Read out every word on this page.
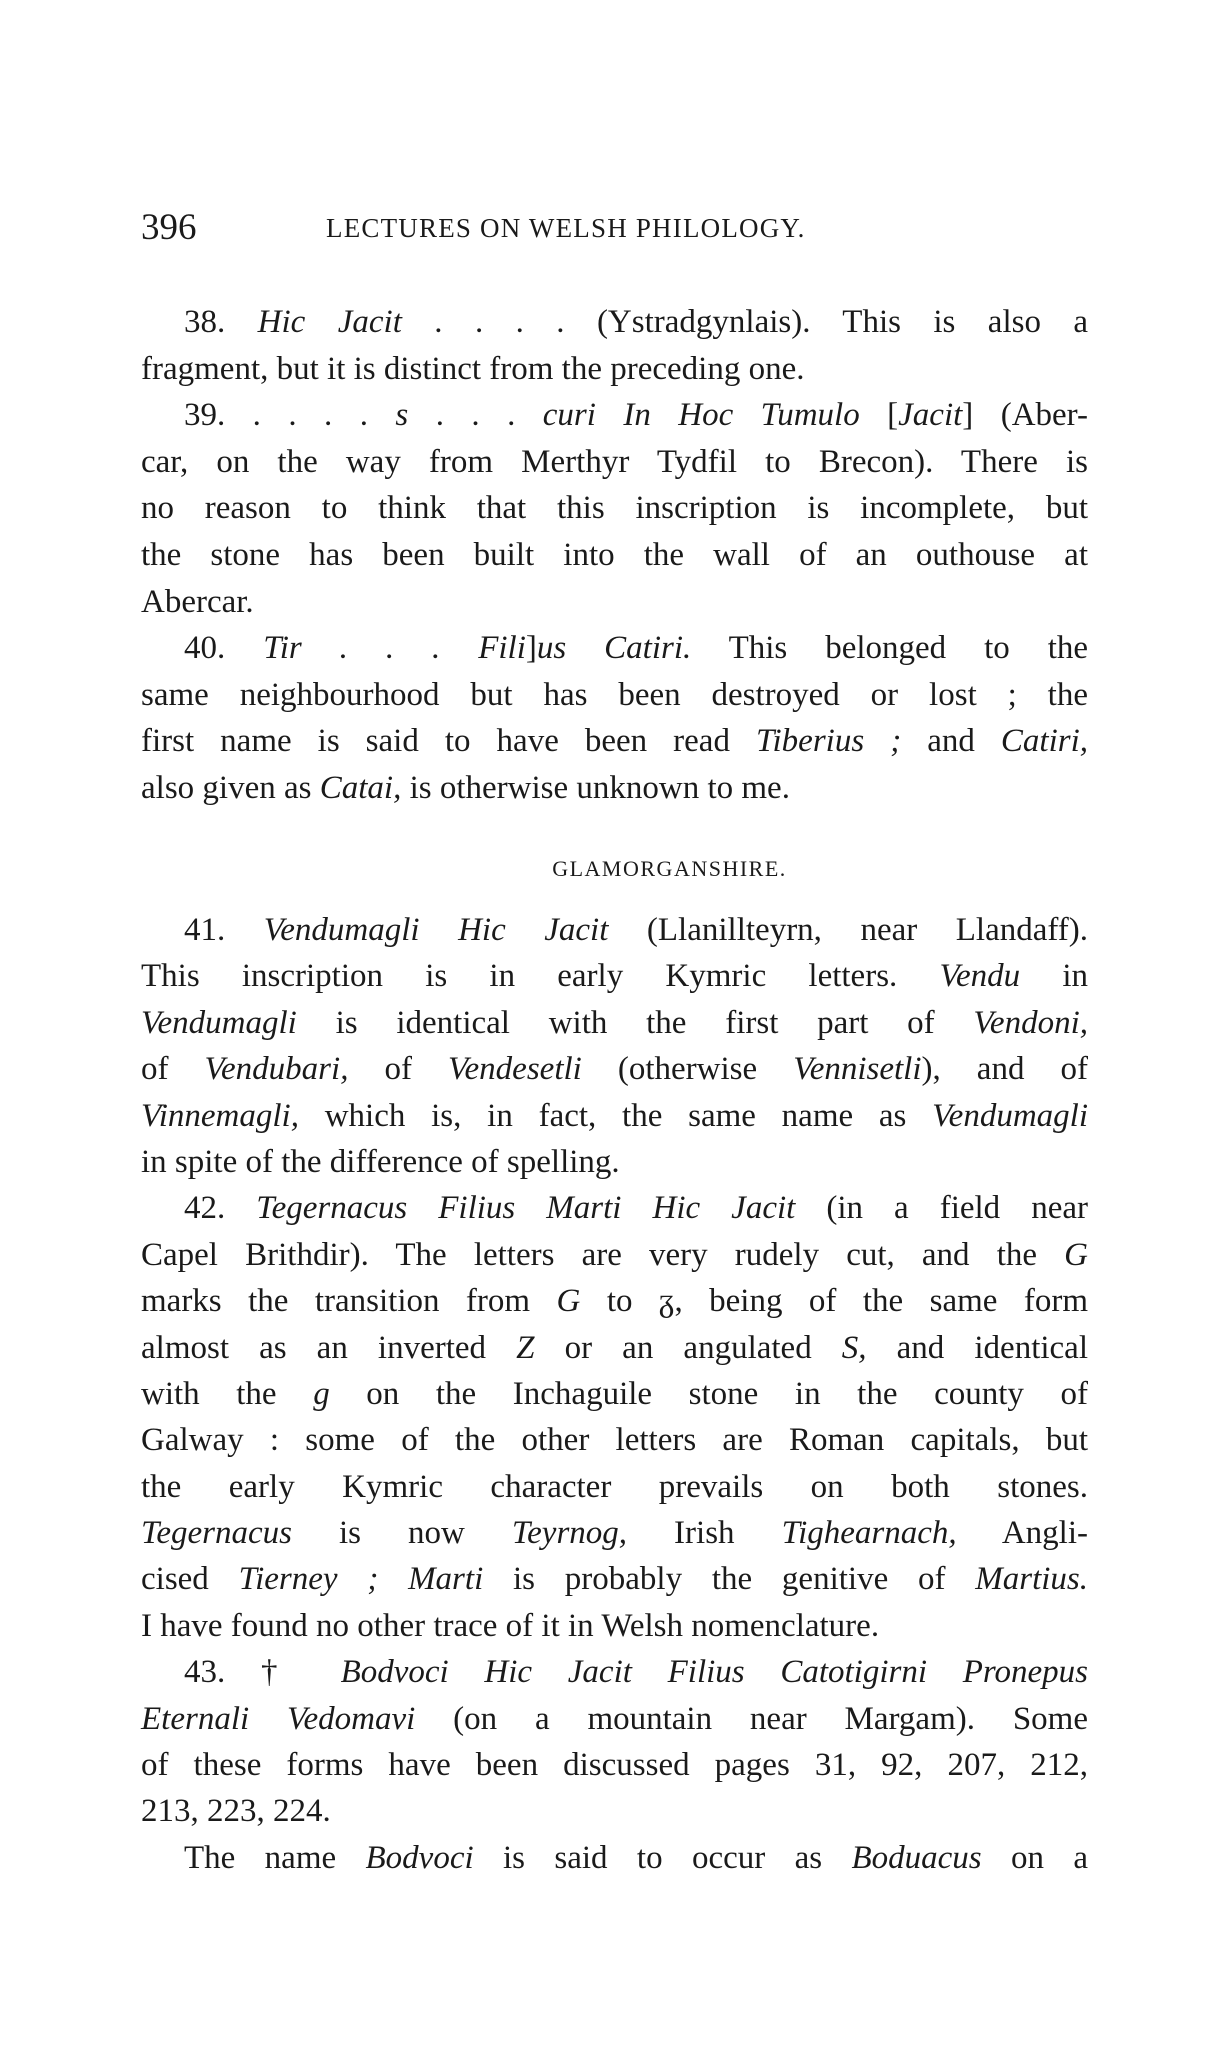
396	LECTURES ON WELSH PHILOLOGY.
38. Hic Jacit . . . . (Ystradgynlais). This is also a
fragment, but it is distinct from the preceding one.
39. . . . . s . . . curi In Hoc Tumulo [Jacit] (Aber-
car, on the way from Merthyr Tydfil to Brecon). There is
no reason to think that this inscription is incomplete, but
the stone has been built into the wall of an outhouse at
Abercar.
40. Tir . . . Fili]us Catiri. This belonged to the
same neighbourhood but has been destroyed or lost ; the
first name is said to have been read Tiberius ; and Catiri,
also given as Catai, is otherwise unknown to me.
GLAMORGANSHIRE.
41. Vendumagli Hic Jacit (Llanillteyrn, near Llandaff).
This inscription is in early Kymric letters. Vendu in
Vendumagli is identical with the first part of Vendoni,
of Vendubari, of Vendesetli (otherwise Vennisetli), and of
Vinnemagli, which is, in fact, the same name as Vendumagli
in spite of the difference of spelling.
42. Tegernacus Filius Marti Hic Jacit (in a field near
Capel Brithdir). The letters are very rudely cut, and the G
marks the transition from G to ᵹ, being of the same form
almost as an inverted Z or an angulated S, and identical
with the g on the Inchaguile stone in the county of
Galway : some of the other letters are Roman capitals, but
the early Kymric character prevails on both stones.
Tegernacus is now Teyrnog, Irish Tighearnach, Angli-
cised Tierney ; Marti is probably the genitive of Martius.
I have found no other trace of it in Welsh nomenclature.
43. † Bodvoci Hic Jacit Filius Catotigirni Pronepus
Eternali Vedomavi (on a mountain near Margam). Some
of these forms have been discussed pages 31, 92, 207, 212,
213, 223, 224.
The name Bodvoci is said to occur as Boduacus on a
